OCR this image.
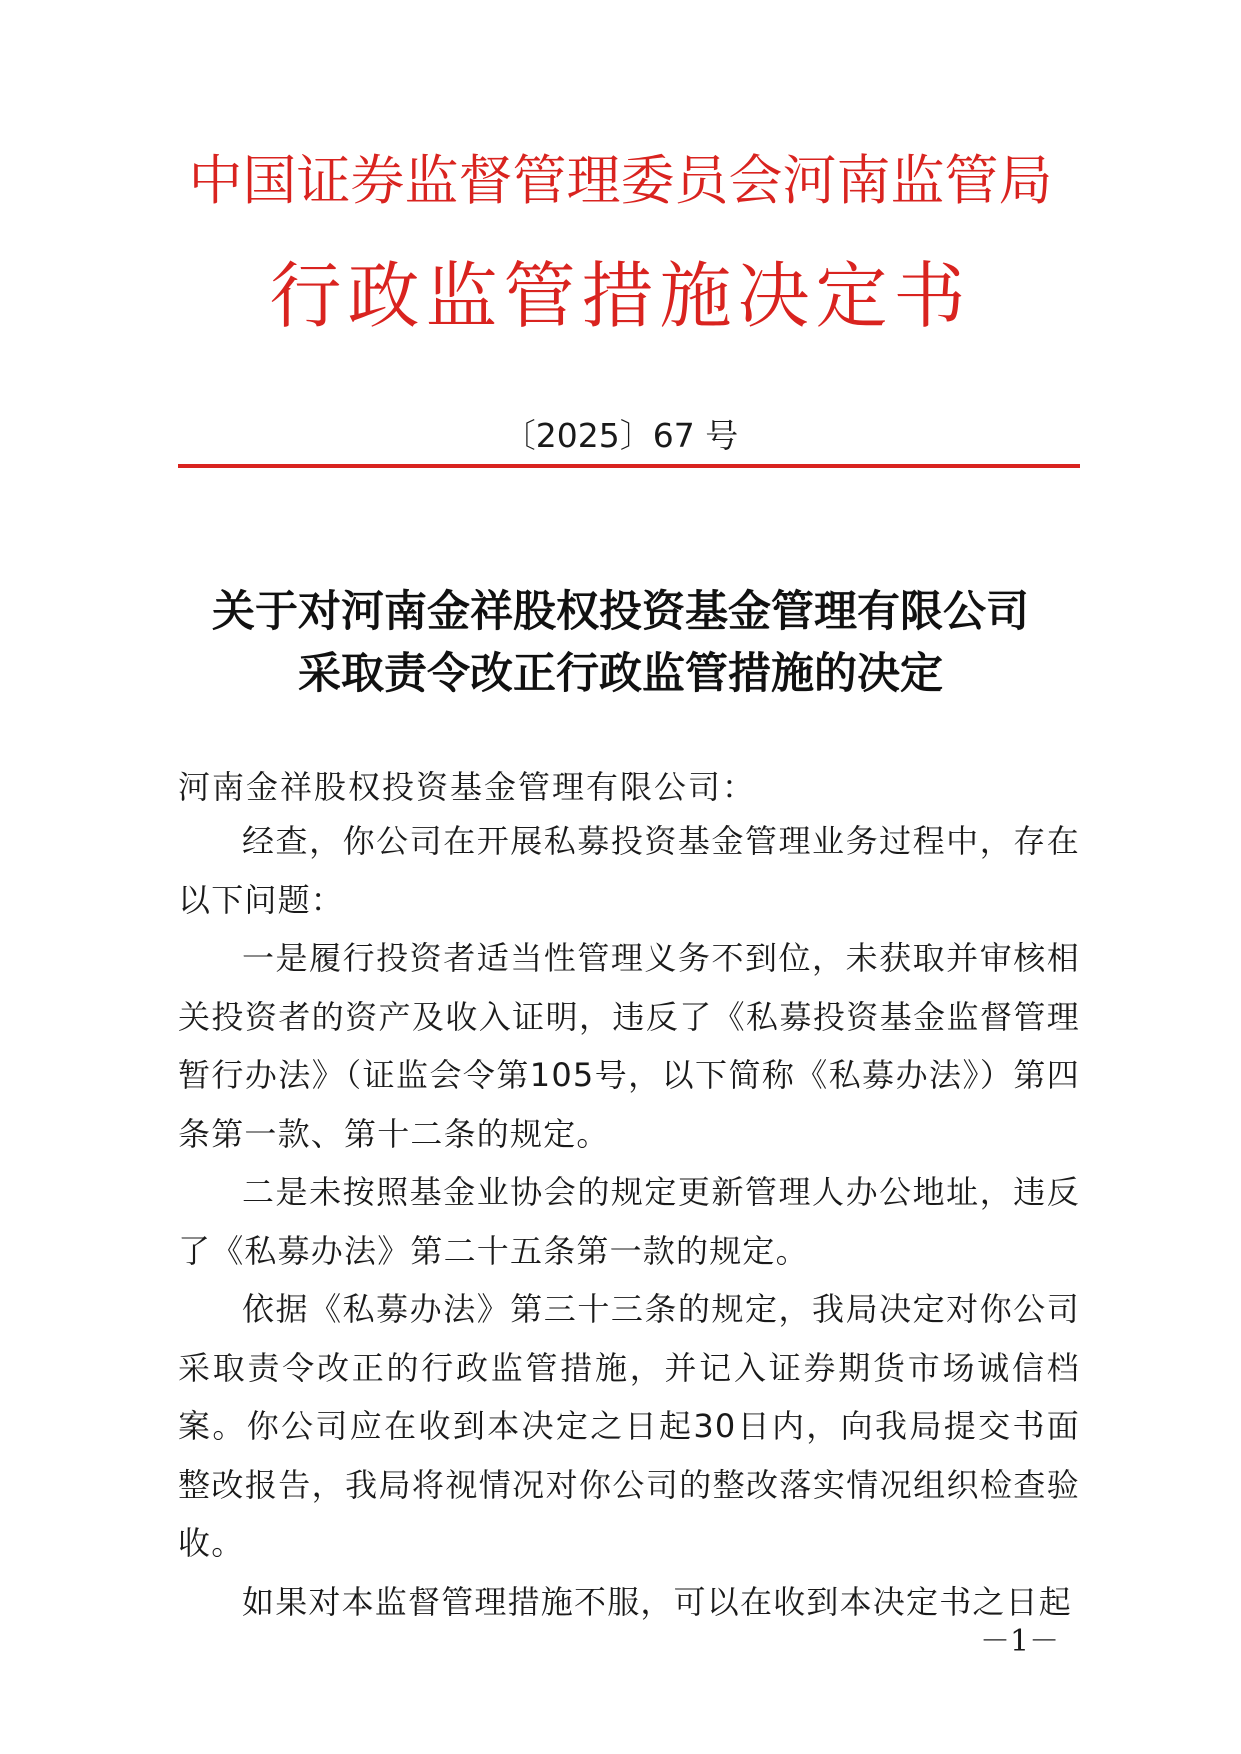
中国证券监督管理委员会河南监管局
行政监管措施决定书
〔2025〕67 号
关于对河南金祥股权投资基金管理有限公司
采取责令改正行政监管措施的决定
河南金祥股权投资基金管理有限公司：

经查，你公司在开展私募投资基金管理业务过程中，存在以下问题：

一是履行投资者适当性管理义务不到位，未获取并审核相关投资者的资产及收入证明，违反了《私募投资基金监督管理暂行办法》（证监会令第105号，以下简称《私募办法》）第四条第一款、第十二条的规定。

二是未按照基金业协会的规定更新管理人办公地址，违反了《私募办法》第二十五条第一款的规定。

依据《私募办法》第三十三条的规定，我局决定对你公司采取责令改正的行政监管措施，并记入证券期货市场诚信档案。你公司应在收到本决定之日起30日内，向我局提交书面整改报告，我局将视情况对你公司的整改落实情况组织检查验收。

如果对本监督管理措施不服，可以在收到本决定书之日起

－1－
